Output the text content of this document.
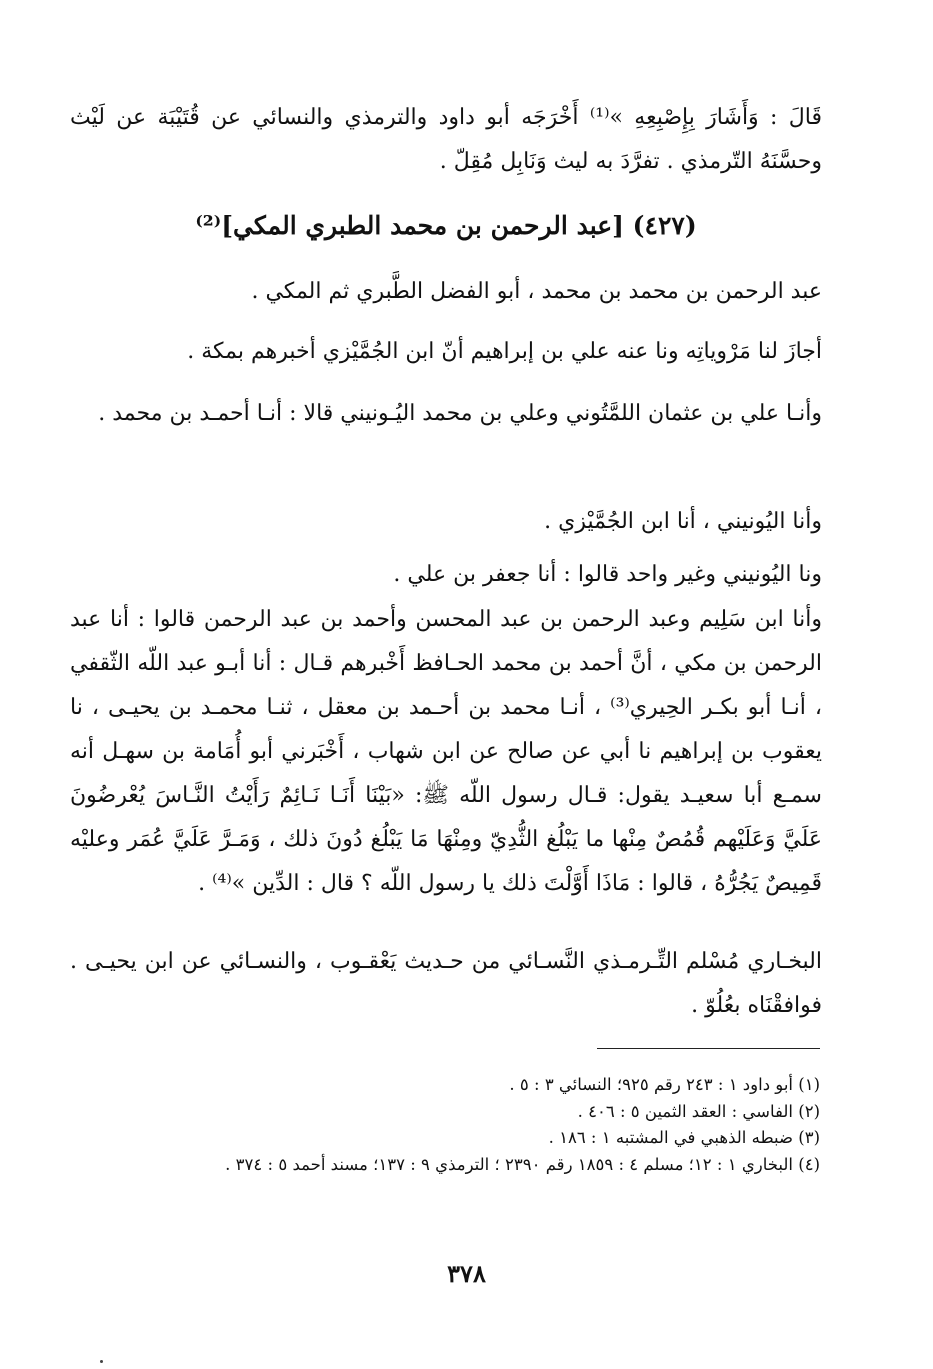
قَالَ : وَأَشَارَ بِإِصْبِعِهِ »⁽¹⁾ أَخْرَجَه أبو داود والترمذي والنسائي عن قُتَيْبَة عن لَيْث وحسَّنَهُ التّرمذي . تفرَّدَ به ليث وَنَابِل مُقِلّ .

(٤٢٧) [عبد الرحمن بن محمد الطبري المكي]⁽²⁾

عبد الرحمن بن محمد بن محمد ، أبو الفضل الطَّبري ثم المكي .

أجازَ لنا مَرْوياتِه ونا عنه علي بن إبراهيم أنّ ابن الجُمَّيْزي أخبرهم بمكة .

وأنـا علي بن عثمان اللمَّتُوني وعلي بن محمد اليُـونيني قالا : أنـا أحمـد بن محمد .

وأنا اليُونيني ، أنا ابن الجُمَّيْزي .

ونا اليُونيني وغير واحد قالوا : أنا جعفر بن علي .

وأنا ابن سَلِيم وعبد الرحمن بن عبد المحسن وأحمد بن عبد الرحمن قالوا : أنا عبد الرحمن بن مكي ، أنَّ أحمد بن محمد الحـافظ أَخْبرهم قـال : أنا أبـو عبد اللّه الثّقفي ، أنـا أبو بكـر الحِيري⁽³⁾ ، أنـا محمد بن أحـمد بن معقل ، ثنـا محمـد بن يحيـى ، نا يعقوب بن إبراهيم نا أبي عن صالح عن ابن شهاب ، أَخْبَرني أبو أُمَامة بن سهـل أنه سمـع أبا سعيـد يقول: قـال رسول اللّه ﷺ: «بَيْنَا أَنَـا نَـائِمٌ رَأَيْتُ النَّـاسَ يُعْرضُونَ عَلَيَّ وَعَلَيْهم قُمُصٌ مِنْها ما يَبْلُغ الثُّدِيّ ومِنْهَا مَا يَبْلُغ دُونَ ذلك ، وَمَـرَّ عَلَيَّ عُمَر وعليْه قَمِيصٌ يَجُرُّهُ ، قالوا : مَاذَا أَوَّلْتَ ذلك يا رسول اللّه ؟ قال : الدِّين »⁽⁴⁾ .

البخـاري مُسْلم التِّـرمـذي النَّسـائي من حـديث يَعْقـوب ، والنسـائي عن ابن يحيـى . فوافقْنَاه بعُلُوّ .

(١) أبو داود ١ : ٢٤٣ رقم ٩٢٥؛ النسائي ٣ : ٥ .
(٢) الفاسي : العقد الثمين ٥ : ٤٠٦ .
(٣) ضبطه الذهبي في المشتبه ١ : ١٨٦ .
(٤) البخاري ١ : ١٢؛ مسلم ٤ : ١٨٥٩ رقم ٢٣٩٠ ؛ الترمذي ٩ : ١٣٧؛ مسند أحمد ٥ : ٣٧٤ .
٣٧٨
